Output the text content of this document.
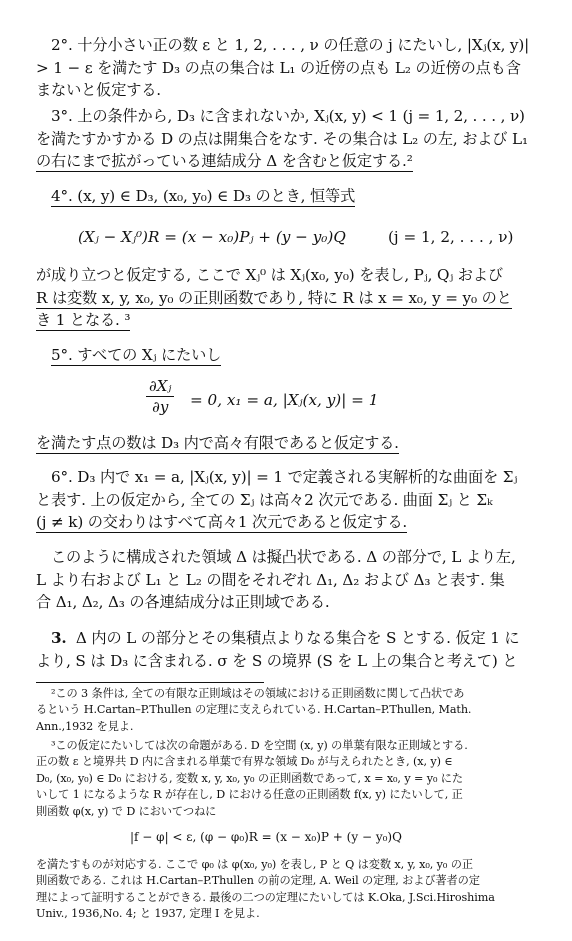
2°. 十分小さい正の数 ε と 1, 2, . . . , ν の任意の j にたいし, |Xⱼ(x, y)|
> 1 − ε を満たす D₃ の点の集合は L₁ の近傍の点も L₂ の近傍の点も含
まないと仮定する.
3°. 上の条件から, D₃ に含まれないか, Xⱼ(x, y) < 1 (j = 1, 2, . . . , ν)
を満たすかすかる D の点は開集合をなす. その集合は L₂ の左, および L₁
の右にまで拡がっている連結成分 Δ を含むと仮定する.²
4°. (x, y) ∈ D₃, (x₀, y₀) ∈ D₃ のとき, 恒等式
(Xⱼ − Xⱼ⁰)R = (x − x₀)Pⱼ + (y − y₀)Q	(j = 1, 2, . . . , ν)
が成り立つと仮定する, ここで Xⱼ⁰ は Xⱼ(x₀, y₀) を表し, Pⱼ, Qⱼ および
R は変数 x, y, x₀, y₀ の正則函数であり, 特に R は x = x₀, y = y₀ のと
き 1 となる. ³
5°. すべての Xⱼ にたいし
$\frac{\text{∂Xⱼ}}{\partial y} = 0$, x₁ = a, |Xⱼ(x, y)| = 1
を満たす点の数は D₃ 内で高々有限であると仮定する.
6°. D₃ 内で x₁ = a, |Xⱼ(x, y)| = 1 で定義される実解析的な曲面を Σⱼ
と表す. 上の仮定から, 全ての Σⱼ は高々2 次元である. 曲面 Σⱼ と Σₖ
(j ≠ k) の交わりはすべて高々1 次元であると仮定する.
このように構成された領域 Δ は擬凸状である. Δ の部分で, L より左,
L より右および L₁ と L₂ の間をそれぞれ Δ₁, Δ₂ および Δ₃ と表す. 集
合 Δ₁, Δ₂, Δ₃ の各連結成分は正則域である.
3. Δ 内の L の部分とその集積点よりなる集合を S とする. 仮定 1 に
より, S は D₃ に含まれる. σ を S の境界 (S を L 上の集合と考えて) と
²この 3 条件は, 全ての有限な正則域はその領域における正則函数に関して凸状であ
るという H.Cartan–P.Thullen の定理に支えられている. H.Cartan–P.Thullen, Math.
Ann.,1932 を見よ.
³この仮定にたいしては次の命題がある. D を空間 (x, y) の単葉有限な正則域とする.
正の数 ε と境界共 D 内に含まれる単葉で有界な領域 D₀ が与えられたとき, (x, y) ∈
D₀, (x₀, y₀) ∈ D₀ における, 変数 x, y, x₀, y₀ の正則函数であって, x = x₀, y = y₀ にた
いして 1 になるような R が存在し, D における任意の正則函数 f(x, y) にたいして, 正
則函数 φ(x, y) で D においてつねに
|f − φ| < ε, (φ − φ₀)R = (x − x₀)P + (y − y₀)Q
を満たすものが対応する. ここで φ₀ は φ(x₀, y₀) を表し, P と Q は変数 x, y, x₀, y₀ の正
則函数である. これは H.Cartan–P.Thullen の前の定理, A. Weil の定理, および著者の定
理によって証明することができる. 最後の二つの定理にたいしては K.Oka, J.Sci.Hiroshima
Univ., 1936,No. 4; と 1937, 定理 I を見よ.
